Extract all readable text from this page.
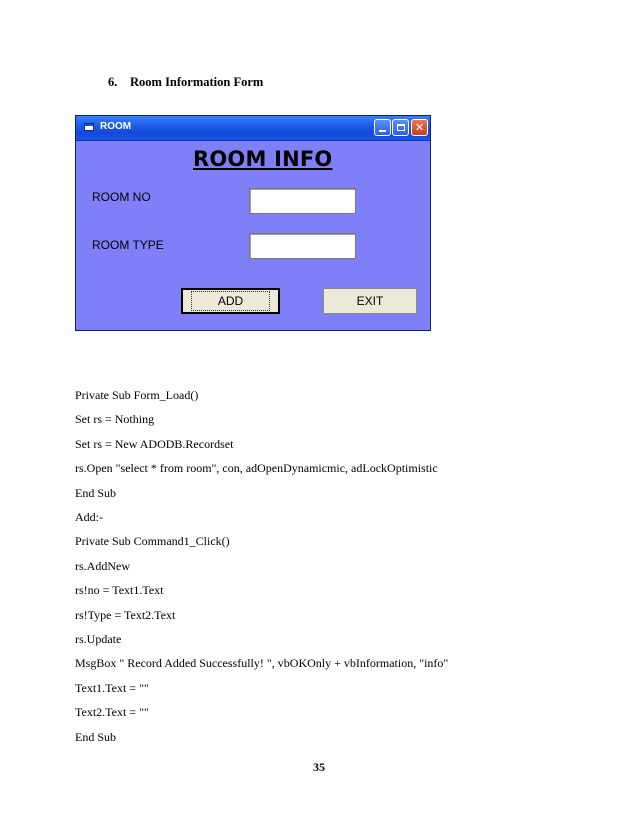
6. Room Information Form
ROOM	✕
ROOM INFO
ROOM NO
ROOM TYPE
ADD	EXIT
Private Sub Form_Load()
Set rs = Nothing
Set rs = New ADODB.Recordset
rs.Open "select * from room", con, adOpenDynamicmic, adLockOptimistic
End Sub
Add:-
Private Sub Command1_Click()
rs.AddNew
rs!no = Text1.Text
rs!Type = Text2.Text
rs.Update
MsgBox " Record Added Successfully! ", vbOKOnly + vbInformation, "info"
Text1.Text = ""
Text2.Text = ""
End Sub
35
